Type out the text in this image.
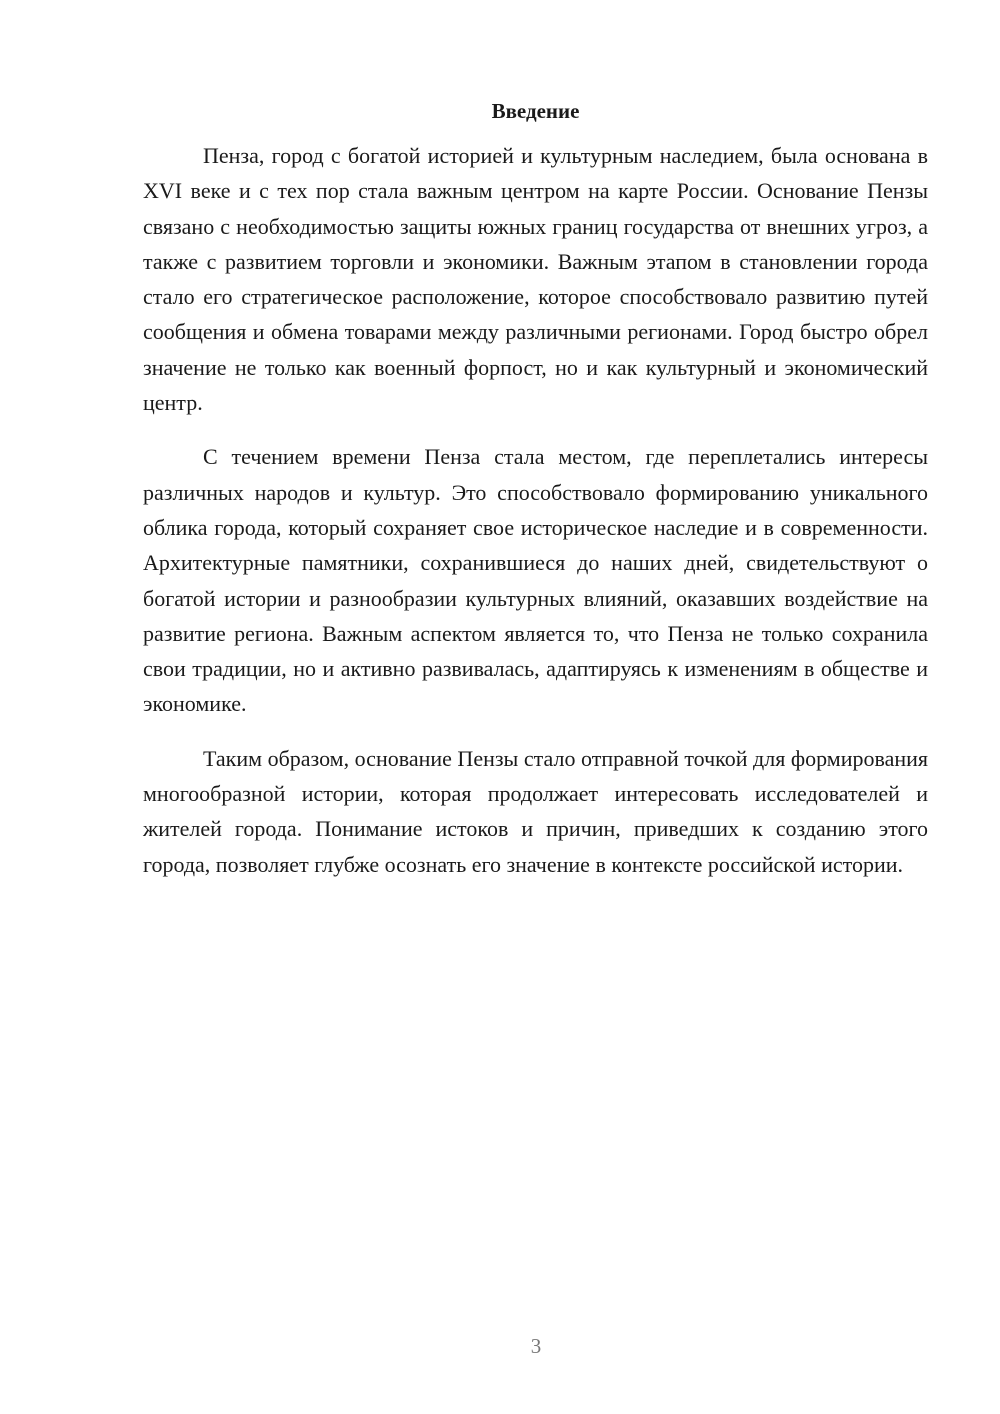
Введение

Пенза, город с богатой историей и культурным наследием, была основана в XVI веке и с тех пор стала важным центром на карте России. Основание Пензы связано с необходимостью защиты южных границ государства от внешних угроз, а также с развитием торговли и экономики. Важным этапом в становлении города стало его стратегическое расположение, которое способствовало развитию путей сообщения и обмена товарами между различными регионами. Город быстро обрел значение не только как военный форпост, но и как культурный и экономический центр.

С течением времени Пенза стала местом, где переплетались интересы различных народов и культур. Это способствовало формированию уникального облика города, который сохраняет свое историческое наследие и в современности. Архитектурные памятники, сохранившиеся до наших дней, свидетельствуют о богатой истории и разнообразии культурных влияний, оказавших воздействие на развитие региона. Важным аспектом является то, что Пенза не только сохранила свои традиции, но и активно развивалась, адаптируясь к изменениям в обществе и экономике.

Таким образом, основание Пензы стало отправной точкой для формирования многообразной истории, которая продолжает интересовать исследователей и жителей города. Понимание истоков и причин, приведших к созданию этого города, позволяет глубже осознать его значение в контексте российской истории.

3
